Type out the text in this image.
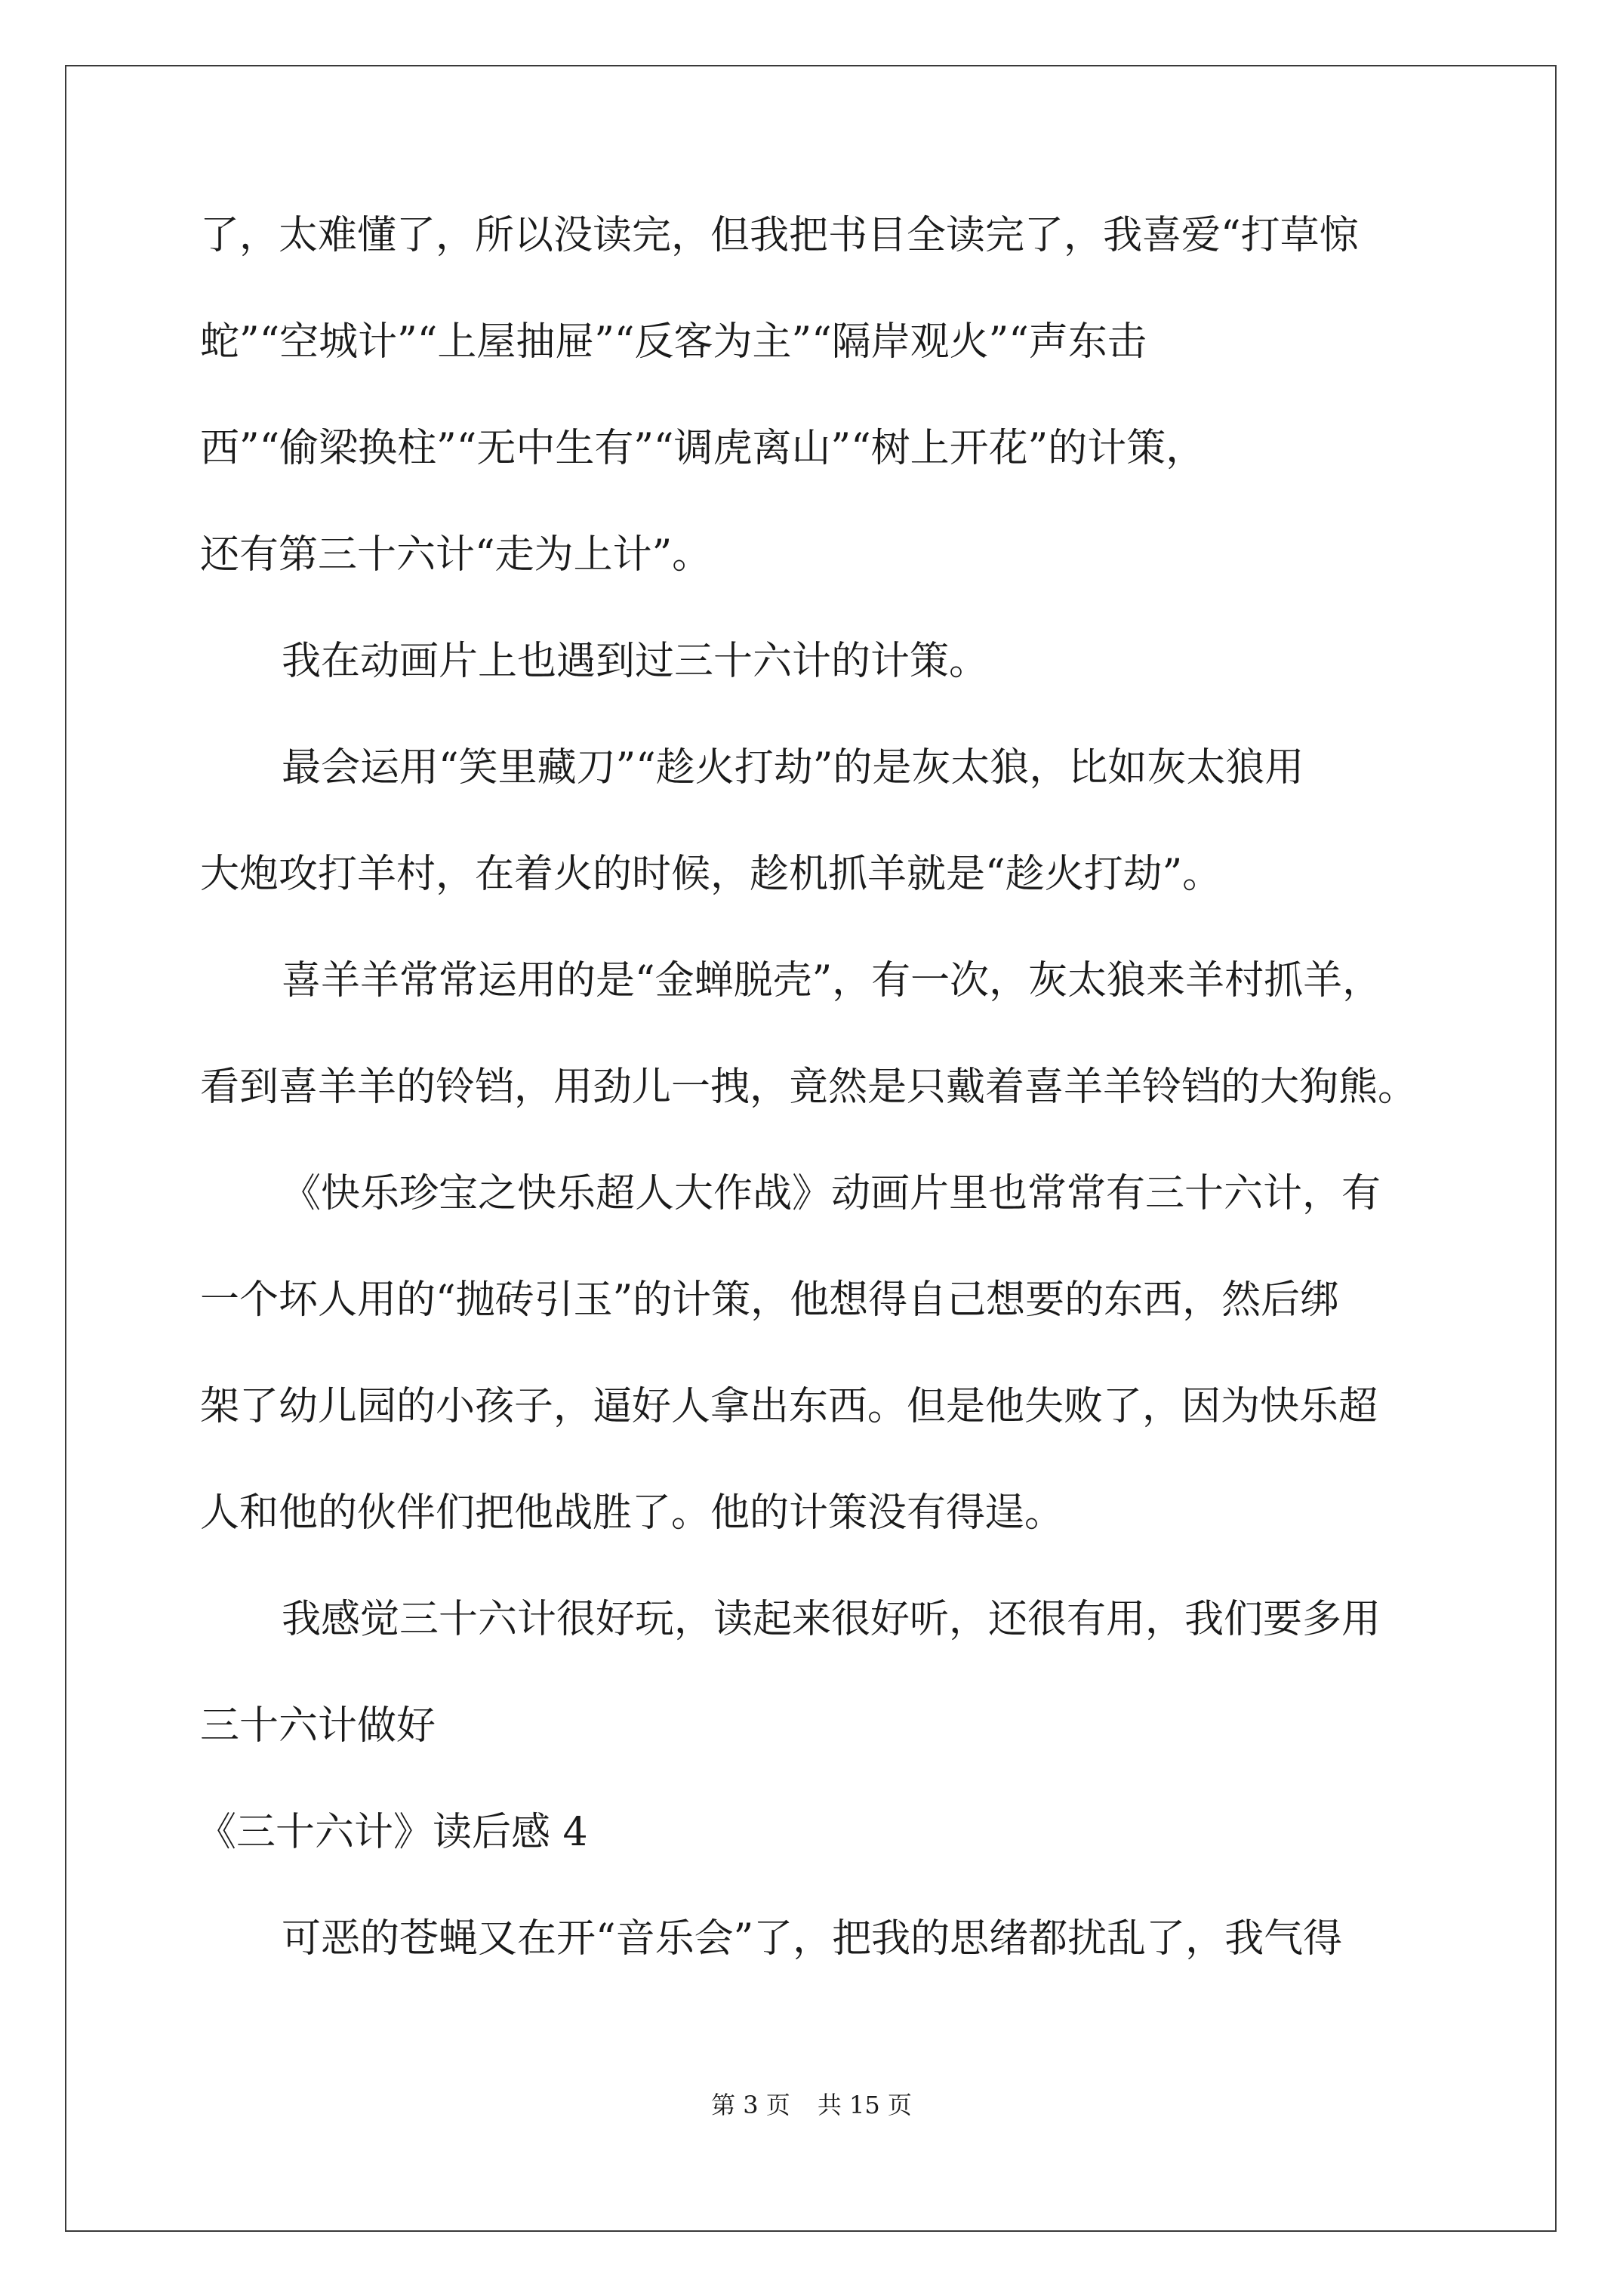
了，太难懂了，所以没读完，但我把书目全读完了，我喜爱“打草惊
蛇”“空城计”“上屋抽屉”“反客为主”“隔岸观火”“声东击
西”“偷梁换柱”“无中生有”“调虎离山”“树上开花”的计策，
还有第三十六计“走为上计”。
我在动画片上也遇到过三十六计的计策。
最会运用“笑里藏刀”“趁火打劫”的是灰太狼，比如灰太狼用
大炮攻打羊村，在着火的时候，趁机抓羊就是“趁火打劫”。
喜羊羊常常运用的是“金蝉脱壳”，有一次，灰太狼来羊村抓羊，
看到喜羊羊的铃铛，用劲儿一拽，竟然是只戴着喜羊羊铃铛的大狗熊。
《快乐珍宝之快乐超人大作战》动画片里也常常有三十六计，有
一个坏人用的“抛砖引玉”的计策，他想得自己想要的东西，然后绑
架了幼儿园的小孩子，逼好人拿出东西。但是他失败了，因为快乐超
人和他的伙伴们把他战胜了。他的计策没有得逞。
我感觉三十六计很好玩，读起来很好听，还很有用，我们要多用
三十六计做好
《三十六计》读后感 4
可恶的苍蝇又在开“音乐会”了，把我的思绪都扰乱了，我气得
第 3 页 共 15 页
